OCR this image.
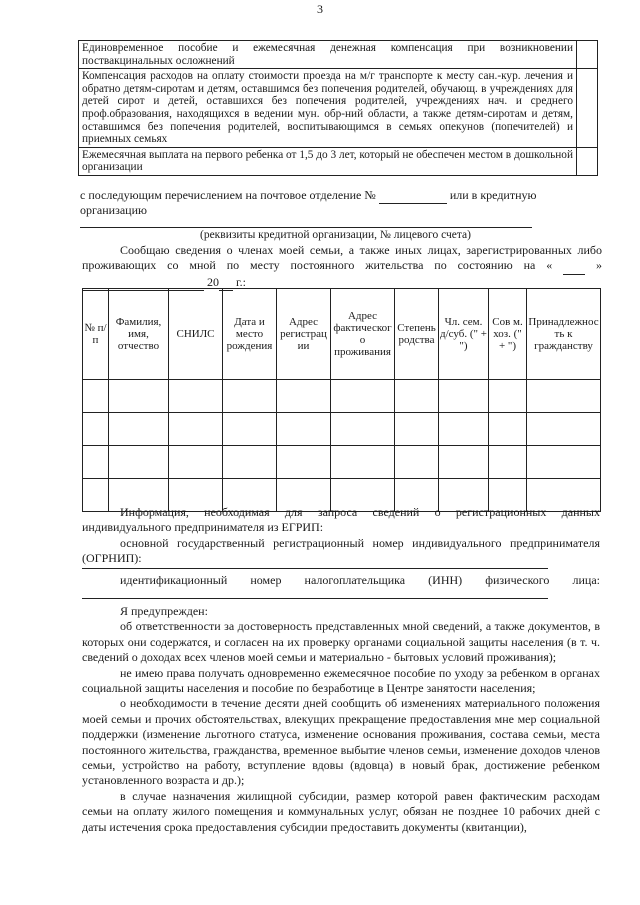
3
Единовременное пособие и ежемесячная денежная компенсация при возникновении поствакцинальных осложнений	
Компенсация расходов на оплату стоимости проезда на м/г транспорте к месту сан.-кур. лечения и обратно детям-сиротам и детям, оставшимся без попечения родителей, обучающ. в учреждениях для детей сирот и детей, оставшихся без попечения родителей, учреждениях нач. и среднего проф.образования, находящихся в ведении мун. обр-ний области, а также детям-сиротам и детям, оставшимся без попечения родителей, воспитывающимся в семьях опекунов (попечителей) и приемных семьях	
Ежемесячная выплата на первого ребенка от 1,5 до 3 лет, который не обеспечен местом в дошкольной организации	
с последующим перечислением на почтовое отделение №	или в кредитную
организацию
(реквизиты кредитной организации, № лицевого счета)
Сообщаю сведения о членах моей семьи, а также иных лицах, зарегистрированных либо проживающих со мной по месту постоянного жительства по состоянию на «	»   20 г.:
№ п/п	Фамилия, имя, отчество	СНИЛС	Дата и место рождения	Адрес регистрации	Адрес фактического проживания	Степень родства	Чл. сем. д/суб. (" + ")	Сов м. хоз. (" + ")	Принадлежность к гражданству

Информация, необходимая для запроса сведений о регистрационных данных индивидуального предпринимателя из ЕГРИП:
основной государственный регистрационный номер индивидуального предпринимателя (ОГРНИП):
идентификационный номер налогоплательщика (ИНН) физического лица:

Я предупрежден:

об ответственности за достоверность представленных мной сведений, а также документов, в которых они содержатся, и согласен на их проверку органами социальной защиты населения (в т. ч. сведений о доходах всех членов моей семьи и материально - бытовых условий проживания);

не имею права получать одновременно ежемесячное пособие по уходу за ребенком в органах социальной защиты населения и пособие по безработице в Центре занятости населения;

о необходимости в течение десяти дней сообщить об изменениях материального положения моей семьи и прочих обстоятельствах, влекущих прекращение предоставления мне мер социальной поддержки (изменение льготного статуса, изменение основания проживания, состава семьи, места постоянного жительства, гражданства, временное выбытие членов семьи, изменение доходов членов семьи, устройство на работу, вступление вдовы (вдовца) в новый брак, достижение ребенком установленного возраста и др.);

в случае назначения жилищной субсидии, размер которой равен фактическим расходам семьи на оплату жилого помещения и коммунальных услуг, обязан не позднее 10 рабочих дней с даты истечения срока предоставления субсидии предоставить документы (квитанции),
